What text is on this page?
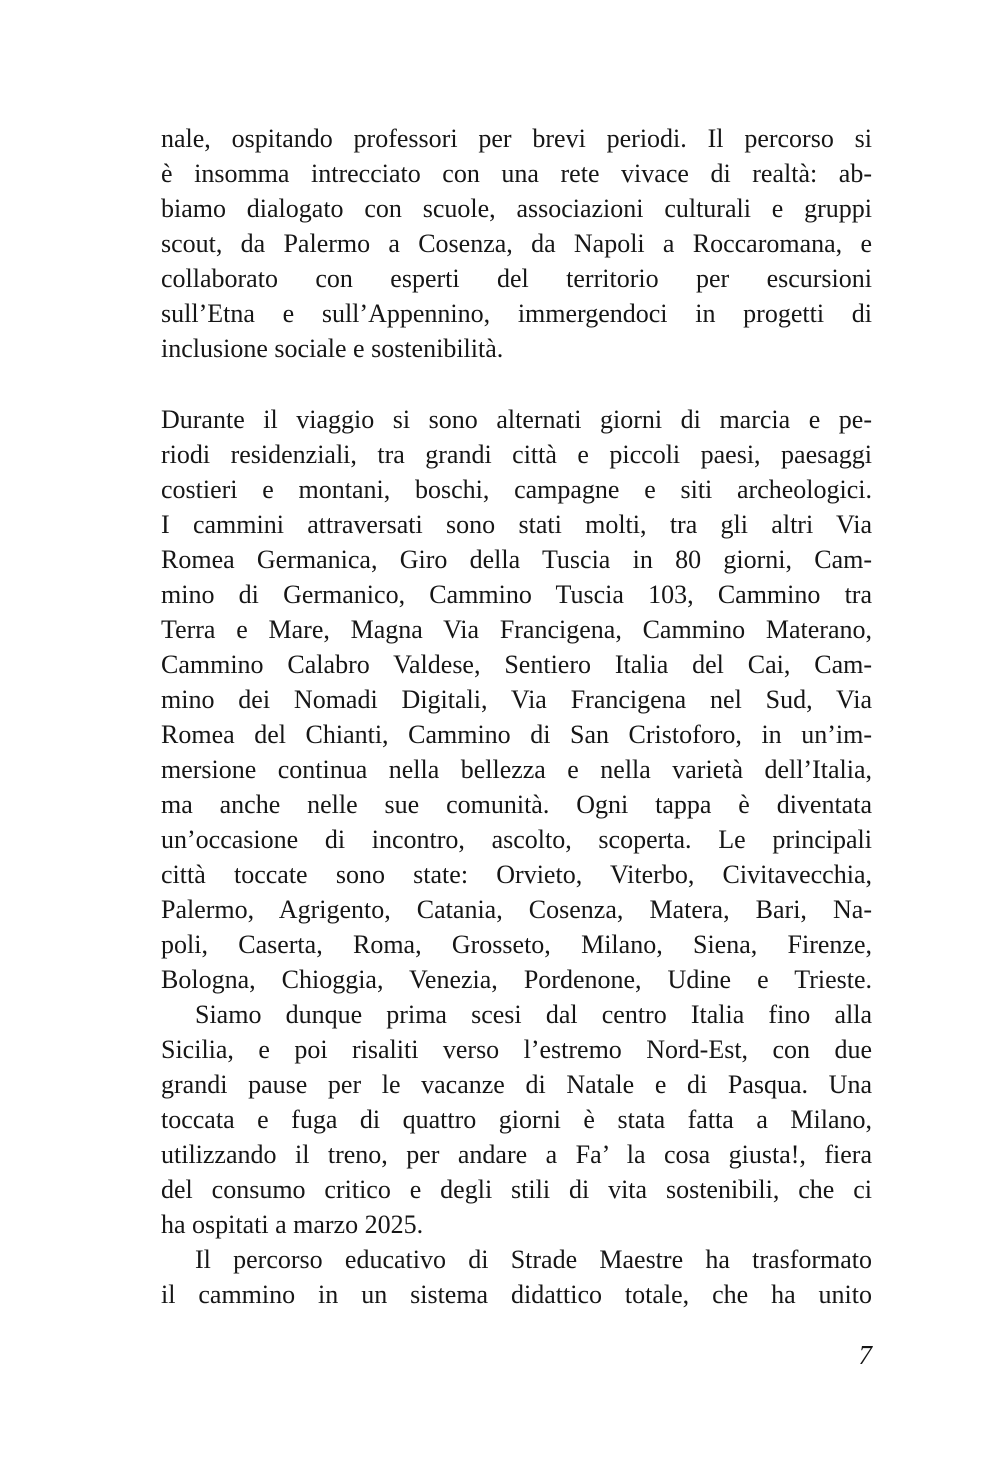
nale, ospitando professori per brevi periodi. Il percorso si
è insomma intrecciato con una rete vivace di realtà: ab-
biamo dialogato con scuole, associazioni culturali e gruppi
scout, da Palermo a Cosenza, da Napoli a Roccaromana, e
collaborato con esperti del territorio per escursioni
sull’Etna e sull’Appennino, immergendoci in progetti di
inclusione sociale e sostenibilità.
Durante il viaggio si sono alternati giorni di marcia e pe-
riodi residenziali, tra grandi città e piccoli paesi, paesaggi
costieri e montani, boschi, campagne e siti archeologici.
I cammini attraversati sono stati molti, tra gli altri Via
Romea Germanica, Giro della Tuscia in 80 giorni, Cam-
mino di Germanico, Cammino Tuscia 103, Cammino tra
Terra e Mare, Magna Via Francigena, Cammino Materano,
Cammino Calabro Valdese, Sentiero Italia del Cai, Cam-
mino dei Nomadi Digitali, Via Francigena nel Sud, Via
Romea del Chianti, Cammino di San Cristoforo, in un’im-
mersione continua nella bellezza e nella varietà dell’Italia,
ma anche nelle sue comunità. Ogni tappa è diventata
un’occasione di incontro, ascolto, scoperta. Le principali
città toccate sono state: Orvieto, Viterbo, Civitavecchia,
Palermo, Agrigento, Catania, Cosenza, Matera, Bari, Na-
poli, Caserta, Roma, Grosseto, Milano, Siena, Firenze,
Bologna, Chioggia, Venezia, Pordenone, Udine e Trieste.
Siamo dunque prima scesi dal centro Italia fino alla
Sicilia, e poi risaliti verso l’estremo Nord-Est, con due
grandi pause per le vacanze di Natale e di Pasqua. Una
toccata e fuga di quattro giorni è stata fatta a Milano,
utilizzando il treno, per andare a Fa’ la cosa giusta!, fiera
del consumo critico e degli stili di vita sostenibili, che ci
ha ospitati a marzo 2025.
Il percorso educativo di Strade Maestre ha trasformato
il cammino in un sistema didattico totale, che ha unito
7
